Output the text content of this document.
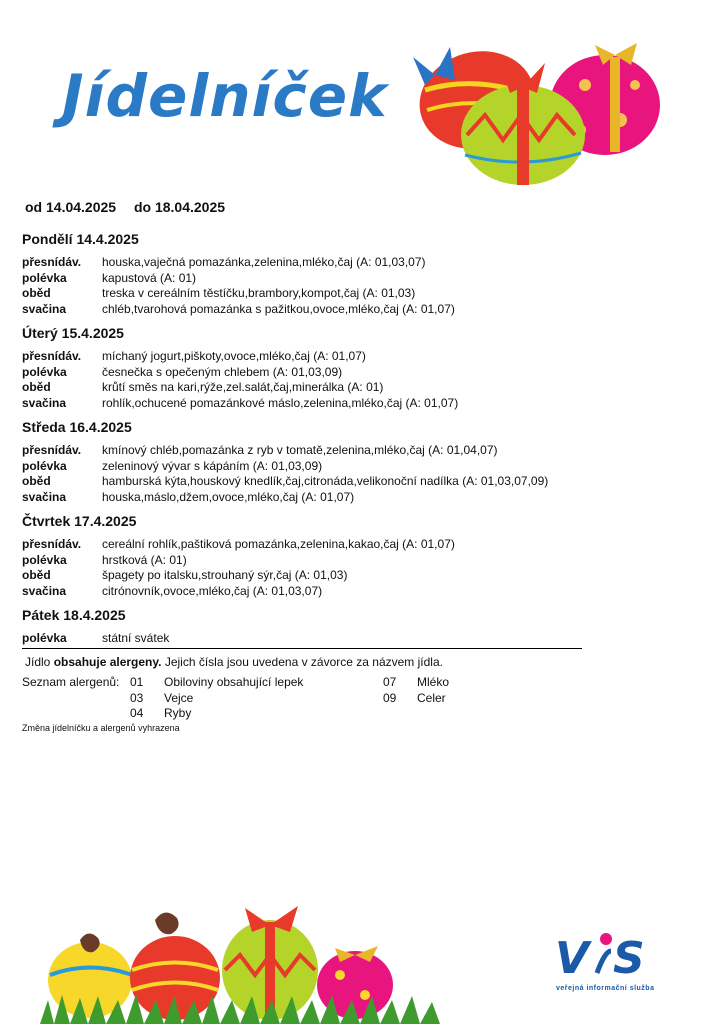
Jídelníček
od 14.04.2025 do 18.04.2025
Pondělí 14.4.2025
přesnídáv.	houska,vaječná pomazánka,zelenina,mléko,čaj (A: 01,03,07)
polévka	kapustová (A: 01)
oběd	treska v cereálním těstíčku,brambory,kompot,čaj (A: 01,03)
svačina	chléb,tvarohová pomazánka s pažitkou,ovoce,mléko,čaj (A: 01,07)
Úterý 15.4.2025
přesnídáv.	míchaný jogurt,piškoty,ovoce,mléko,čaj (A: 01,07)
polévka	česnečka s opečeným chlebem (A: 01,03,09)
oběd	krůtí směs na kari,rýže,zel.salát,čaj,minerálka (A: 01)
svačina	rohlík,ochucené pomazánkové máslo,zelenina,mléko,čaj (A: 01,07)
Středa 16.4.2025
přesnídáv.	kmínový chléb,pomazánka z ryb v tomatě,zelenina,mléko,čaj (A: 01,04,07)
polévka	zeleninový vývar s kápáním (A: 01,03,09)
oběd	hamburská kýta,houskový knedlík,čaj,citronáda,velikonoční nadílka (A: 01,03,07,09)
svačina	houska,máslo,džem,ovoce,mléko,čaj (A: 01,07)
Čtvrtek 17.4.2025
přesnídáv.	cereální rohlík,paštiková pomazánka,zelenina,kakao,čaj (A: 01,07)
polévka	hrstková (A: 01)
oběd	špagety po italsku,strouhaný sýr,čaj (A: 01,03)
svačina	citrónovník,ovoce,mléko,čaj (A: 01,03,07)
Pátek 18.4.2025
polévka	státní svátek
Jídlo obsahuje alergeny. Jejich čísla jsou uvedena v závorce za názvem jídla.
Seznam alergenů: 01	Obiloviny obsahující lepek
03	Vejce
04	Ryby
07	Mléko
09	Celer
Změna jídelníčku a alergenů vyhrazena
V S
veřejná informační služba
